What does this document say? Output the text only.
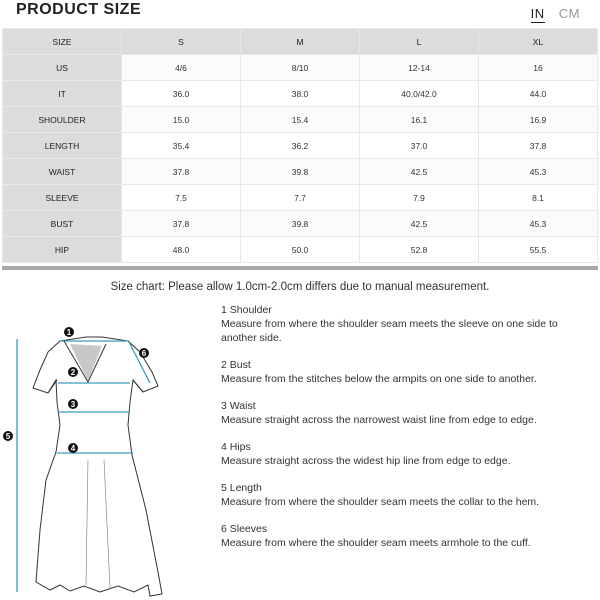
PRODUCT SIZE	IN CM
SIZE	S	M	L	XL
US	4/6	8/10	12-14	16
IT	36.0	38.0	40.0/42.0	44.0
SHOULDER	15.0	15.4	16.1	16.9
LENGTH	35.4	36.2	37.0	37.8
WAIST	37.8	39.8	42.5	45.3
SLEEVE	7.5	7.7	7.9	8.1
BUST	37.8	39.8	42.5	45.3
HIP	48.0	50.0	52.8	55.5
Size chart: Please allow 1.0cm-2.0cm differs due to manual measurement.
1
2
3
4
5
6
1 Shoulder
Measure from where the shoulder seam meets the sleeve on one side to another side.
2 Bust
Measure from the stitches below the armpits on one side to another.
3 Waist
Measure straight across the narrowest waist line from edge to edge.
4 Hips
Measure straight across the widest hip line from edge to edge.
5 Length
Measure from where the shoulder seam meets the collar to the hem.
6 Sleeves
Measure from where the shoulder seam meets armhole to the cuff.
